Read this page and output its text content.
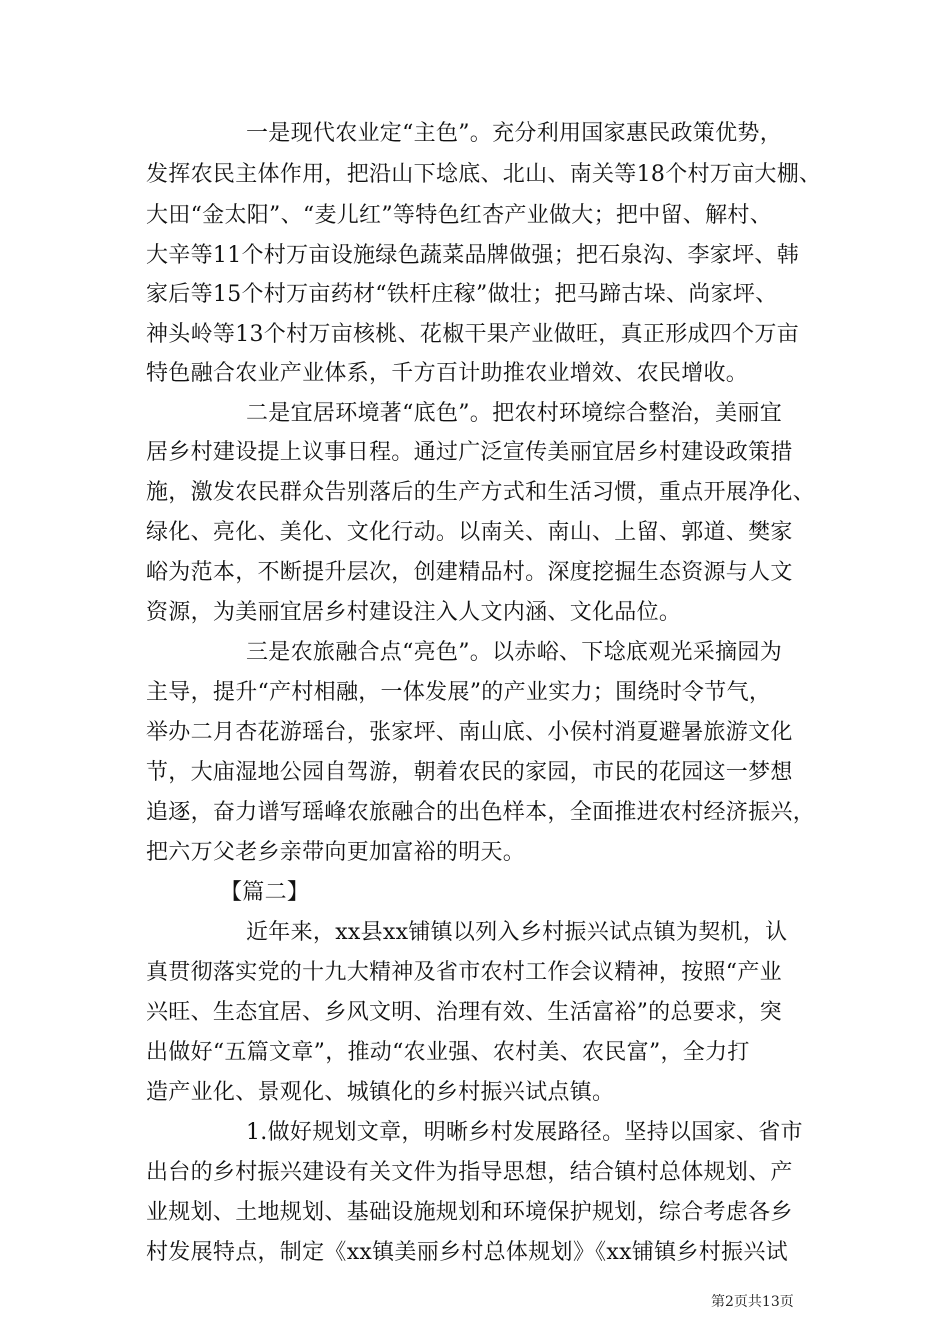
一是现代农业定“主色”。充分利用国家惠民政策优势，
发挥农民主体作用，把沿山下埝底、北山、南关等18个村万亩大棚、
大田“金太阳”、“麦儿红”等特色红杏产业做大；把中留、解村、
大辛等11个村万亩设施绿色蔬菜品牌做强；把石泉沟、李家坪、韩
家后等15个村万亩药材“铁杆庄稼”做壮；把马蹄古垛、尚家坪、
神头岭等13个村万亩核桃、花椒干果产业做旺，真正形成四个万亩
特色融合农业产业体系，千方百计助推农业增效、农民增收。
二是宜居环境著“底色”。把农村环境综合整治，美丽宜
居乡村建设提上议事日程。通过广泛宣传美丽宜居乡村建设政策措
施，激发农民群众告别落后的生产方式和生活习惯，重点开展净化、
绿化、亮化、美化、文化行动。以南关、南山、上留、郭道、樊家
峪为范本，不断提升层次，创建精品村。深度挖掘生态资源与人文
资源，为美丽宜居乡村建设注入人文内涵、文化品位。
三是农旅融合点“亮色”。以赤峪、下埝底观光采摘园为
主导，提升“产村相融，一体发展”的产业实力；围绕时令节气，
举办二月杏花游瑶台，张家坪、南山底、小侯村消夏避暑旅游文化
节，大庙湿地公园自驾游，朝着农民的家园，市民的花园这一梦想
追逐，奋力谱写瑶峰农旅融合的出色样本，全面推进农村经济振兴，
把六万父老乡亲带向更加富裕的明天。
【篇二】
近年来，xx县xx铺镇以列入乡村振兴试点镇为契机，认
真贯彻落实党的十九大精神及省市农村工作会议精神，按照“产业
兴旺、生态宜居、乡风文明、治理有效、生活富裕”的总要求，突
出做好“五篇文章”，推动“农业强、农村美、农民富”，全力打
造产业化、景观化、城镇化的乡村振兴试点镇。
1.做好规划文章，明晰乡村发展路径。坚持以国家、省市
出台的乡村振兴建设有关文件为指导思想，结合镇村总体规划、产
业规划、土地规划、基础设施规划和环境保护规划，综合考虑各乡
村发展特点，制定《xx镇美丽乡村总体规划》《xx铺镇乡村振兴试
第2页共13页
